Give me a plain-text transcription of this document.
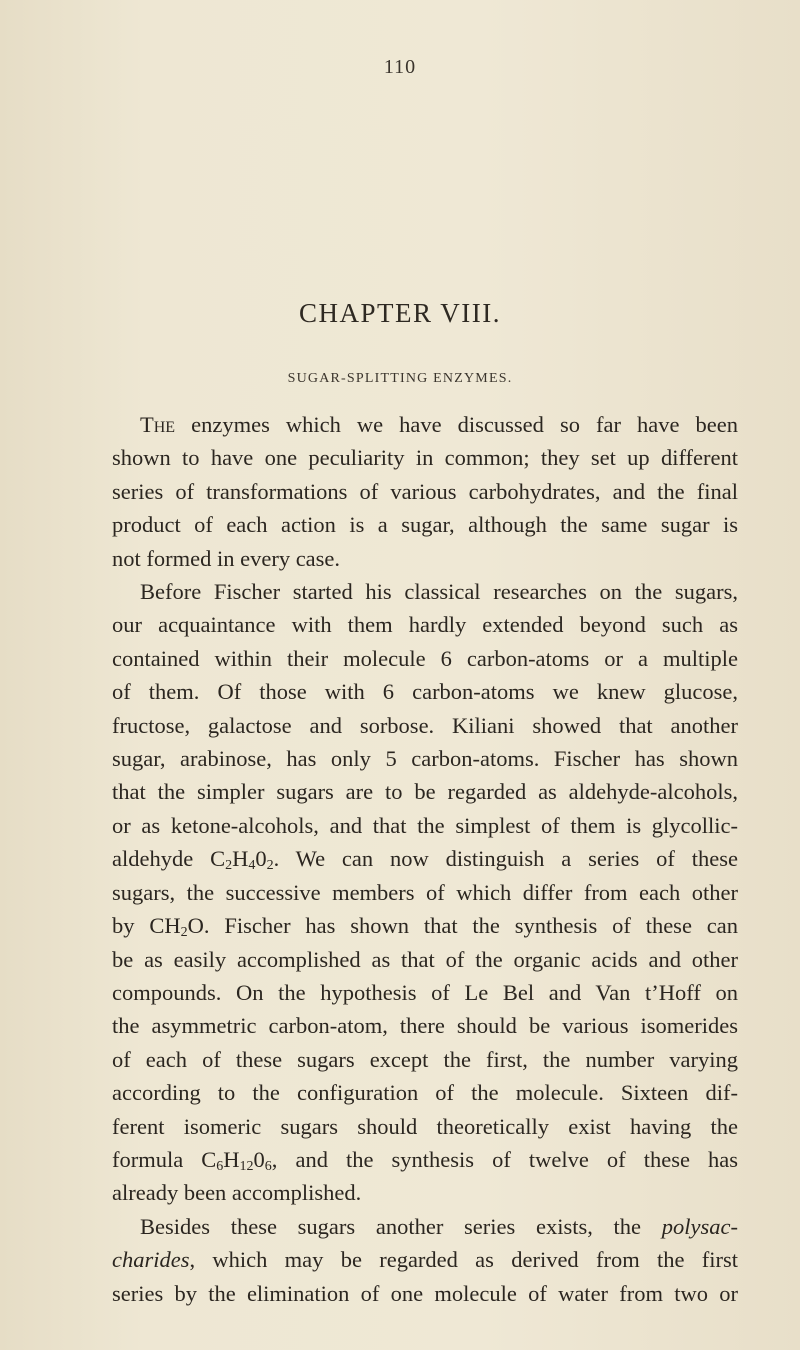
110
CHAPTER VIII.
SUGAR-SPLITTING ENZYMES.
The enzymes which we have discussed so far have been
shown to have one peculiarity in common; they set up different
series of transformations of various carbohydrates, and the final
product of each action is a sugar, although the same sugar is
not formed in every case.
Before Fischer started his classical researches on the sugars,
our acquaintance with them hardly extended beyond such as
contained within their molecule 6 carbon-atoms or a multiple
of them. Of those with 6 carbon-atoms we knew glucose,
fructose, galactose and sorbose. Kiliani showed that another
sugar, arabinose, has only 5 carbon-atoms. Fischer has shown
that the simpler sugars are to be regarded as aldehyde-alcohols,
or as ketone-alcohols, and that the simplest of them is glycollic-
aldehyde $C_2H_40_2$. We can now distinguish a series of these
sugars, the successive members of which differ from each other
by $CH_2O$. Fischer has shown that the synthesis of these can
be as easily accomplished as that of the organic acids and other
compounds. On the hypothesis of Le Bel and Van t’Hoff on
the asymmetric carbon-atom, there should be various isomerides
of each of these sugars except the first, the number varying
according to the configuration of the molecule. Sixteen dif-
ferent isomeric sugars should theoretically exist having the
formula $C_6H_{12}0_6$, and the synthesis of twelve of these has
already been accomplished.
Besides these sugars another series exists, the polysac-
charides, which may be regarded as derived from the first
series by the elimination of one molecule of water from two or
